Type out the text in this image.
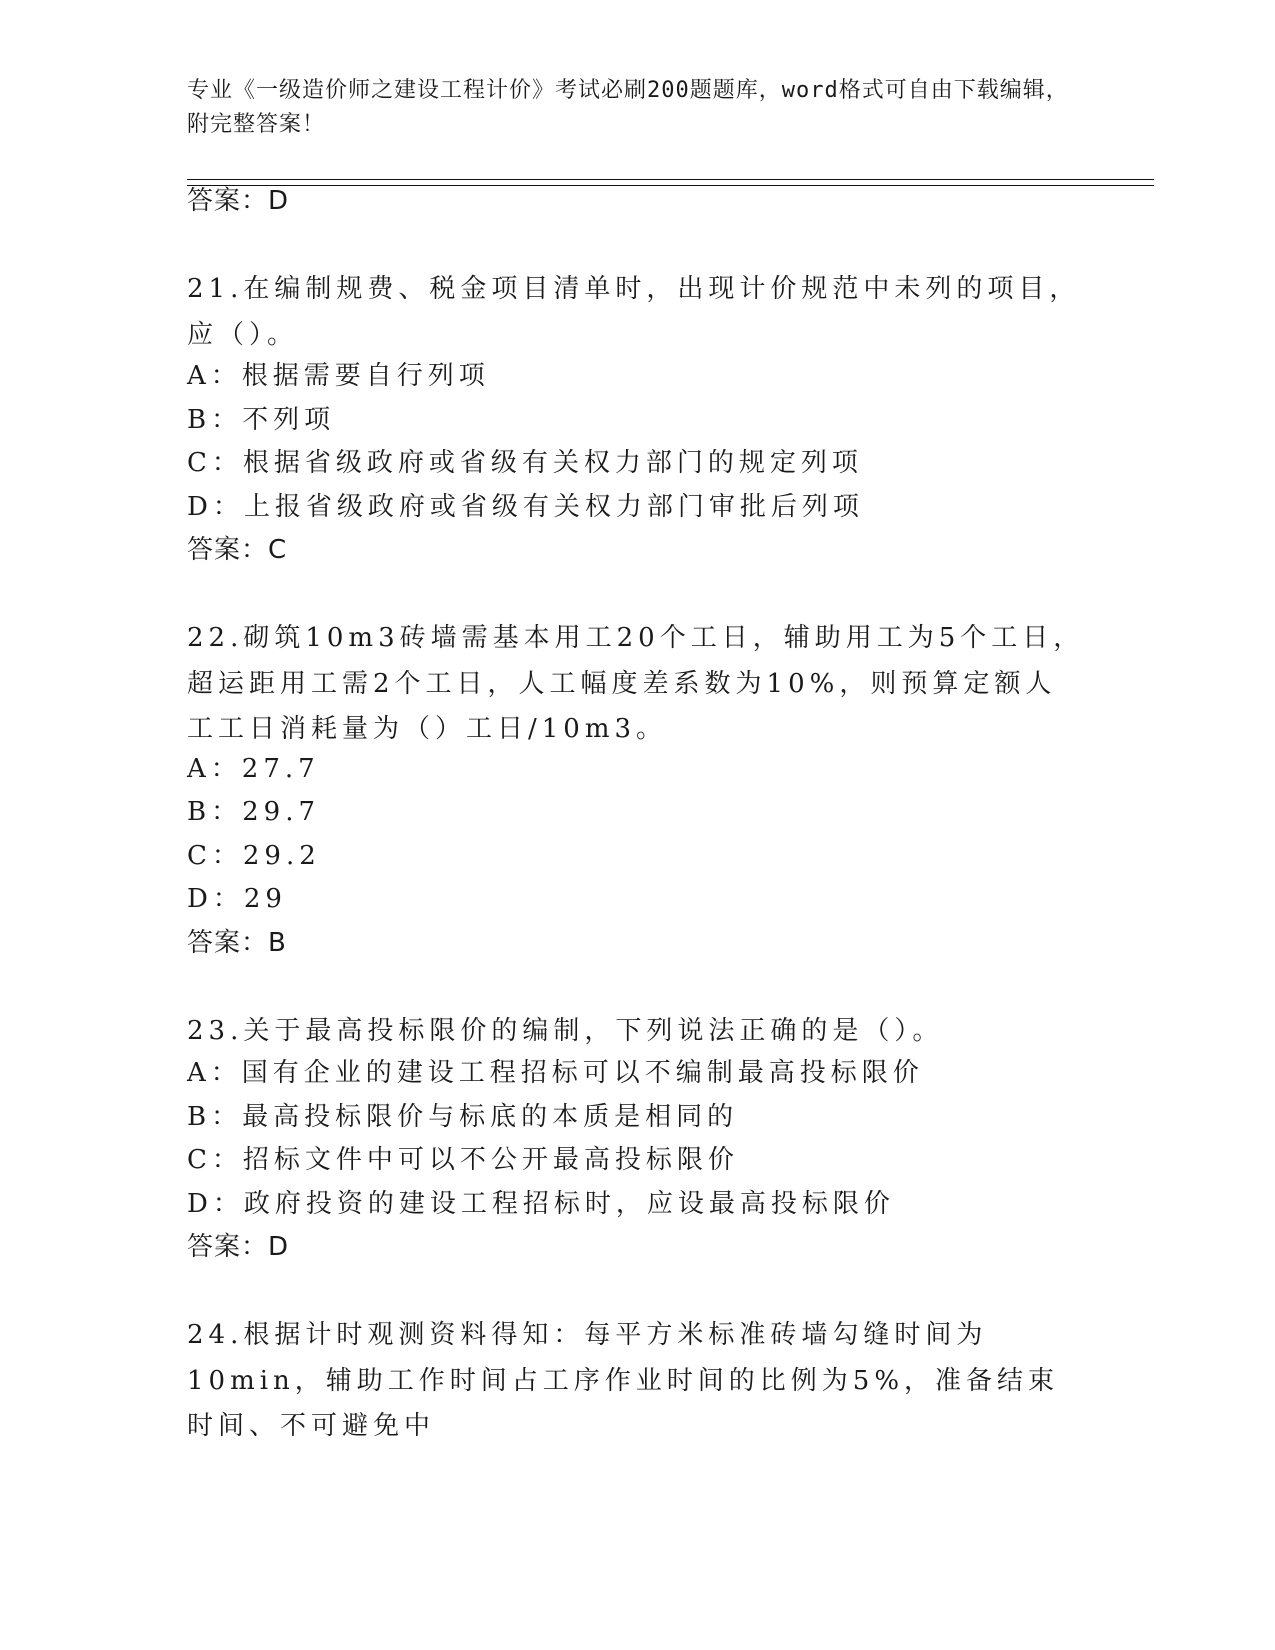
专业《一级造价师之建设工程计价》考试必刷200题题库，word格式可自由下载编辑，附完整答案！
答案：D
21.在编制规费、税金项目清单时，出现计价规范中未列的项目，应（）。
A：根据需要自行列项
B：不列项
C：根据省级政府或省级有关权力部门的规定列项
D：上报省级政府或省级有关权力部门审批后列项
答案：C
22.砌筑10m3砖墙需基本用工20个工日，辅助用工为5个工日，超运距用工需2个工日，人工幅度差系数为10%，则预算定额人工工日消耗量为（）工日/10m3。
A：27.7
B：29.7
C：29.2
D：29
答案：B
23.关于最高投标限价的编制，下列说法正确的是（）。
A：国有企业的建设工程招标可以不编制最高投标限价
B：最高投标限价与标底的本质是相同的
C：招标文件中可以不公开最高投标限价
D：政府投资的建设工程招标时，应设最高投标限价
答案：D
24.根据计时观测资料得知：每平方米标准砖墙勾缝时间为10min，辅助工作时间占工序作业时间的比例为5%，准备结束时间、不可避免中
